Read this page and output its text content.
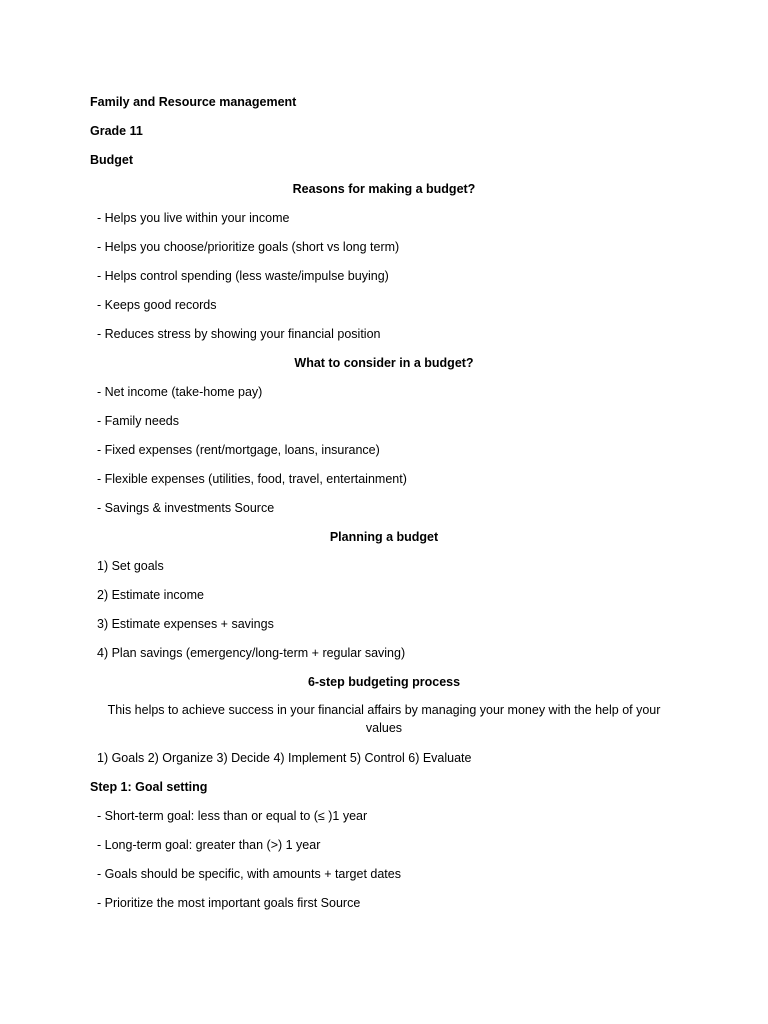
Family and Resource management
Grade 11
Budget
Reasons for making a budget?
- Helps you live within your income
- Helps you choose/prioritize goals (short vs long term)
- Helps control spending (less waste/impulse buying)
- Keeps good records
- Reduces stress by showing your financial position
What to consider in a budget?
- Net income (take-home pay)
- Family needs
- Fixed expenses (rent/mortgage, loans, insurance)
- Flexible expenses (utilities, food, travel, entertainment)
- Savings & investments Source
Planning a budget
1) Set goals
2) Estimate income
3) Estimate expenses + savings
4) Plan savings (emergency/long-term + regular saving)
6-step budgeting process
This helps to achieve success in your financial affairs by managing your money with the help of your values
1) Goals 2) Organize 3) Decide 4) Implement 5) Control 6) Evaluate
Step 1: Goal setting
- Short-term goal: less than or equal to (≤ )1 year
- Long-term goal: greater than (>) 1 year
- Goals should be specific, with amounts + target dates
- Prioritize the most important goals first Source
